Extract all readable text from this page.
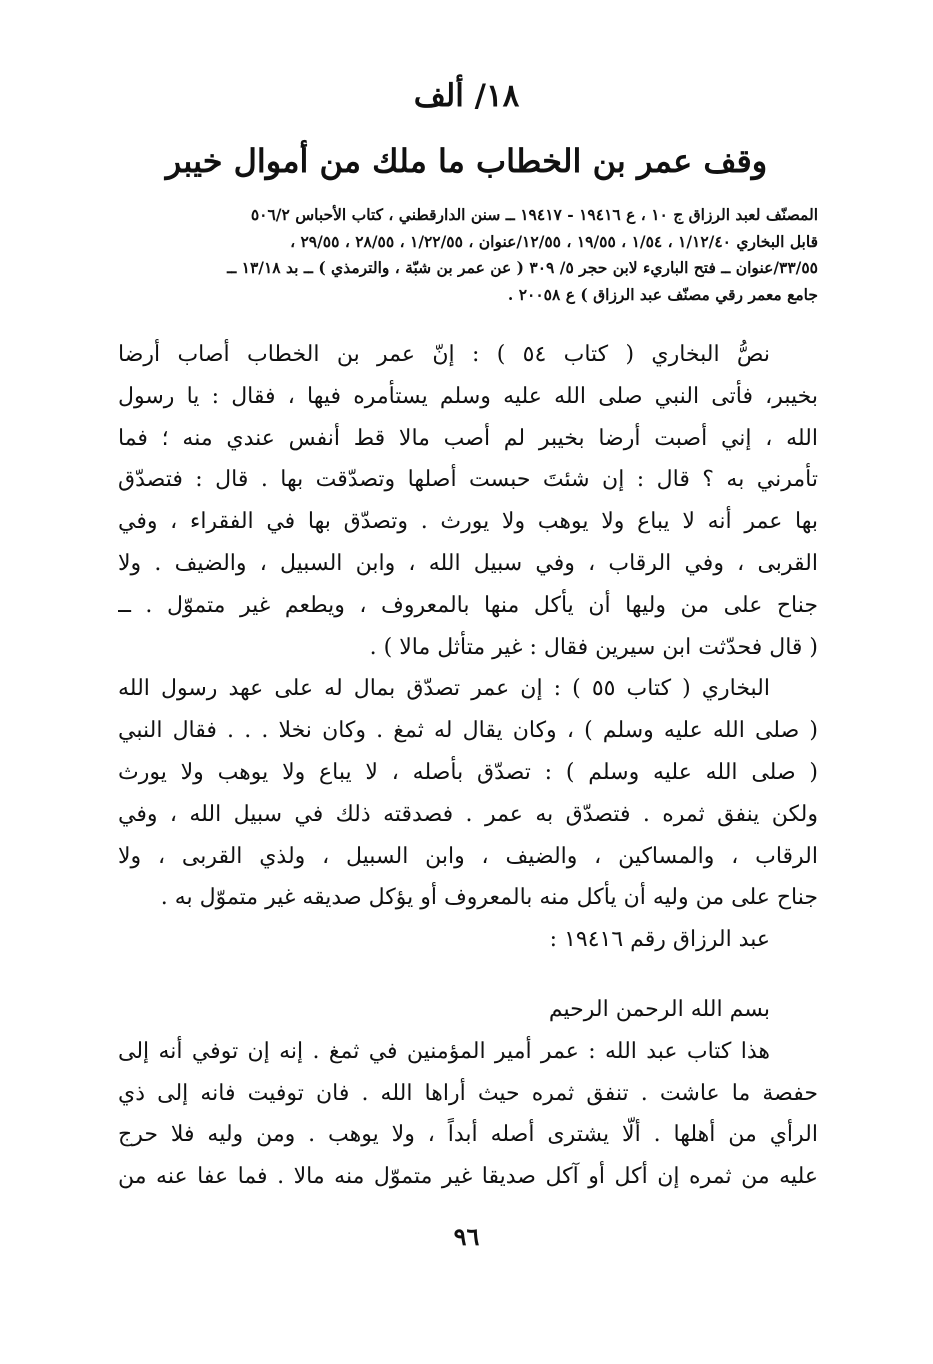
١٨/ ألف
وقف عمر بن الخطاب ما ملك من أموال خيبر
المصنّف لعبد الرزاق ج ١٠ ، ع ١٩٤١٦ - ١٩٤١٧ ــ سنن الدارقطني ، كتاب الأحباس ٥٠٦/٢
قابل البخاري ١/١٢/٤٠ ، ١/٥٤ ، ١٩/٥٥ ، ١٢/٥٥/عنوان ، ١/٢٢/٥٥ ، ٢٨/٥٥ ، ٢٩/٥٥ ،
٣٣/٥٥/عنوان ــ فتح الباريء لابن حجر ٥/ ٣٠٩ ( عن عمر بن شبّة ، والترمذي ) ــ بد ١٣/١٨ ــ
جامع معمر رقي مصنّف عبد الرزاق ) ع ٢٠٠٥٨ .
نصُّ البخاري ( كتاب ٥٤ ) : إنّ عمر بن الخطاب أصاب أرضا
بخيبر، فأتى النبي صلى الله عليه وسلم يستأمره فيها ، فقال : يا رسول
الله ، إني أصبت أرضا بخيبر لم أصب مالا قط أنفس عندي منه ؛ فما
تأمرني به ؟ قال : إن شئتَ حبست أصلها وتصدّقت بها . قال : فتصدّق
بها عمر أنه لا يباع ولا يوهب ولا يورث . وتصدّق بها في الفقراء ، وفي
القربى ، وفي الرقاب ، وفي سبيل الله ، وابن السبيل ، والضيف . ولا
جناح على من وليها أن يأكل منها بالمعروف ، ويطعم غير متموّل . ــ
( قال فحدّثت ابن سيرين فقال : غير متأثل مالا ) .
البخاري ( كتاب ٥٥ ) : إن عمر تصدّق بمال له على عهد رسول الله
( صلى الله عليه وسلم ) ، وكان يقال له ثمغ . وكان نخلا . . . فقال النبي
( صلى الله عليه وسلم ) : تصدّق بأصله ، لا يباع ولا يوهب ولا يورث
ولكن ينفق ثمره . فتصدّق به عمر . فصدقته ذلك في سبيل الله ، وفي
الرقاب ، والمساكين ، والضيف ، وابن السبيل ، ولذي القربى ، ولا
جناح على من وليه أن يأكل منه بالمعروف أو يؤكل صديقه غير متموّل به .
عبد الرزاق رقم ١٩٤١٦ :
بسم الله الرحمن الرحيم
هذا كتاب عبد الله : عمر أمير المؤمنين في ثمغ . إنه إن توفي أنه إلى
حفصة ما عاشت . تنفق ثمره حيث أراها الله . فان توفيت فانه إلى ذي
الرأي من أهلها . ألّا يشترى أصله أبداً ، ولا يوهب . ومن وليه فلا حرج
عليه من ثمره إن أكل أو آكل صديقا غير متموّل منه مالا . فما عفا عنه من
٩٦
